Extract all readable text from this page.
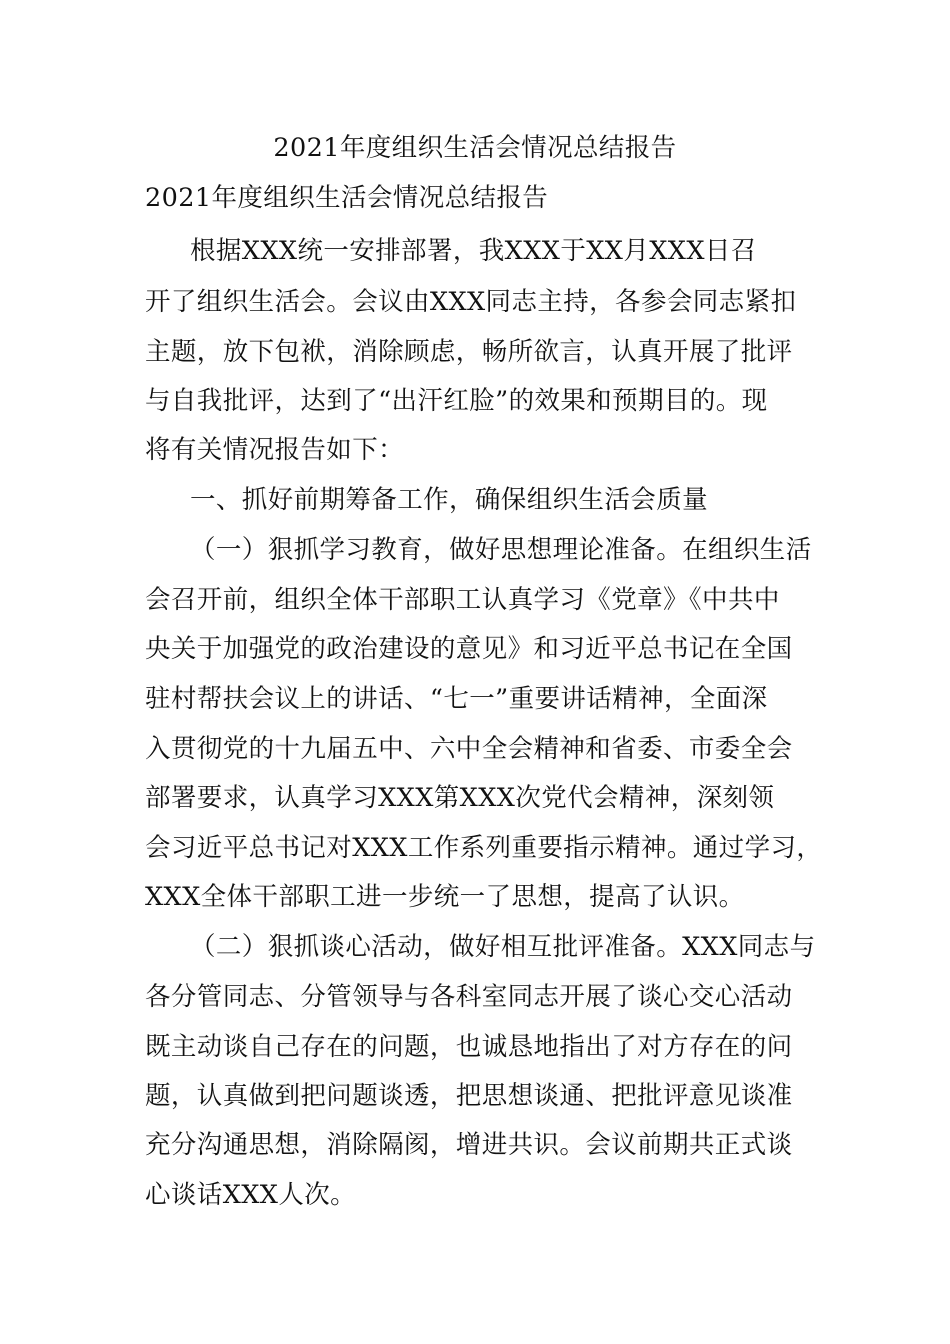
2021年度组织生活会情况总结报告
2021年度组织生活会情况总结报告
根据XXX统一安排部署，我XXX于XX月XXX日召
开了组织生活会。会议由XXX同志主持，各参会同志紧扣
主题，放下包袱，消除顾虑，畅所欲言，认真开展了批评
与自我批评，达到了“出汗红脸”的效果和预期目的。现
将有关情况报告如下：
一、抓好前期筹备工作，确保组织生活会质量
（一）狠抓学习教育，做好思想理论准备。在组织生活
会召开前，组织全体干部职工认真学习《党章》《中共中
央关于加强党的政治建设的意见》和习近平总书记在全国
驻村帮扶会议上的讲话、“七一”重要讲话精神，全面深
入贯彻党的十九届五中、六中全会精神和省委、市委全会
部署要求，认真学习XXX第XXX次党代会精神，深刻领
会习近平总书记对XXX工作系列重要指示精神。通过学习，
XXX全体干部职工进一步统一了思想，提高了认识。
（二）狠抓谈心活动，做好相互批评准备。XXX同志与
各分管同志、分管领导与各科室同志开展了谈心交心活动
既主动谈自己存在的问题，也诚恳地指出了对方存在的问
题，认真做到把问题谈透，把思想谈通、把批评意见谈准
充分沟通思想，消除隔阂，增进共识。会议前期共正式谈
心谈话XXX人次。
